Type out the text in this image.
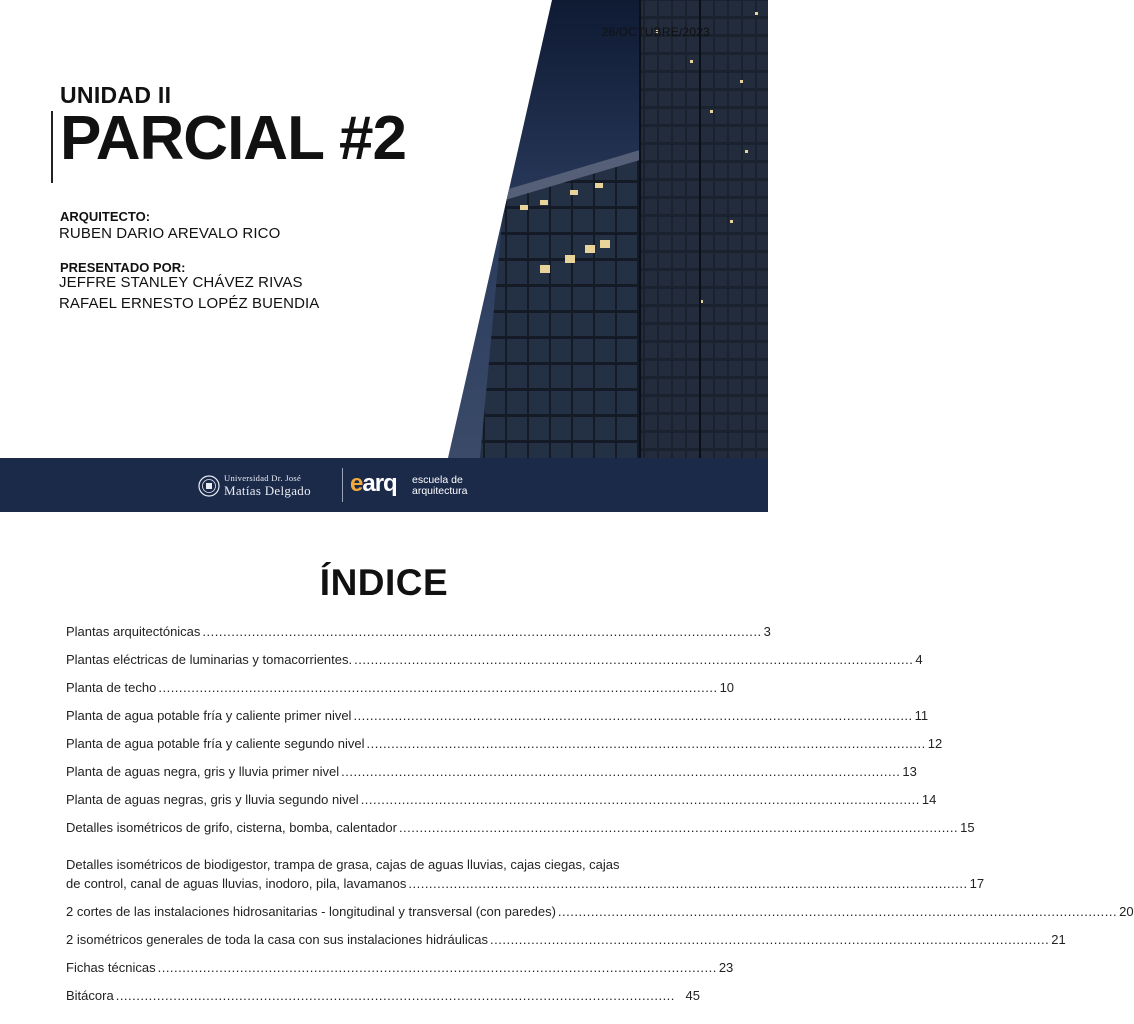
26/OCTUBRE/2023
UNIDAD II
PARCIAL #2
ARQUITECTO:
RUBEN DARIO AREVALO RICO
PRESENTADO POR:
JEFFRE STANLEY CHÁVEZ RIVAS
RAFAEL ERNESTO LOPÉZ BUENDIA
Universidad Dr. José
Matías Delgado earq escuela de
arquitectura
ÍNDICE
Plantas arquitectónicas ........................................................................................................................................ 3
Plantas eléctricas de luminarias y tomacorrientes. ........................................................................................................................................ 4
Planta de techo ........................................................................................................................................ 10
Planta de agua potable fría y caliente primer nivel ........................................................................................................................................ 11
Planta de agua potable fría y caliente segundo nivel ........................................................................................................................................ 12
Planta de aguas negra, gris y lluvia primer nivel ........................................................................................................................................ 13
Planta de aguas negras, gris y lluvia segundo nivel ........................................................................................................................................ 14
Detalles isométricos de grifo, cisterna, bomba, calentador ........................................................................................................................................ 15
Detalles isométricos de biodigestor, trampa de grasa, cajas de aguas lluvias, cajas ciegas, cajas
de control, canal de aguas lluvias, inodoro, pila, lavamanos ........................................................................................................................................ 17
2 cortes de las instalaciones hidrosanitarias - longitudinal y transversal (con paredes) ........................................................................................................................................ 20
2 isométricos generales de toda la casa con sus instalaciones hidráulicas ........................................................................................................................................ 21
Fichas técnicas ........................................................................................................................................ 23
Bitácora ........................................................................................................................................ 45
